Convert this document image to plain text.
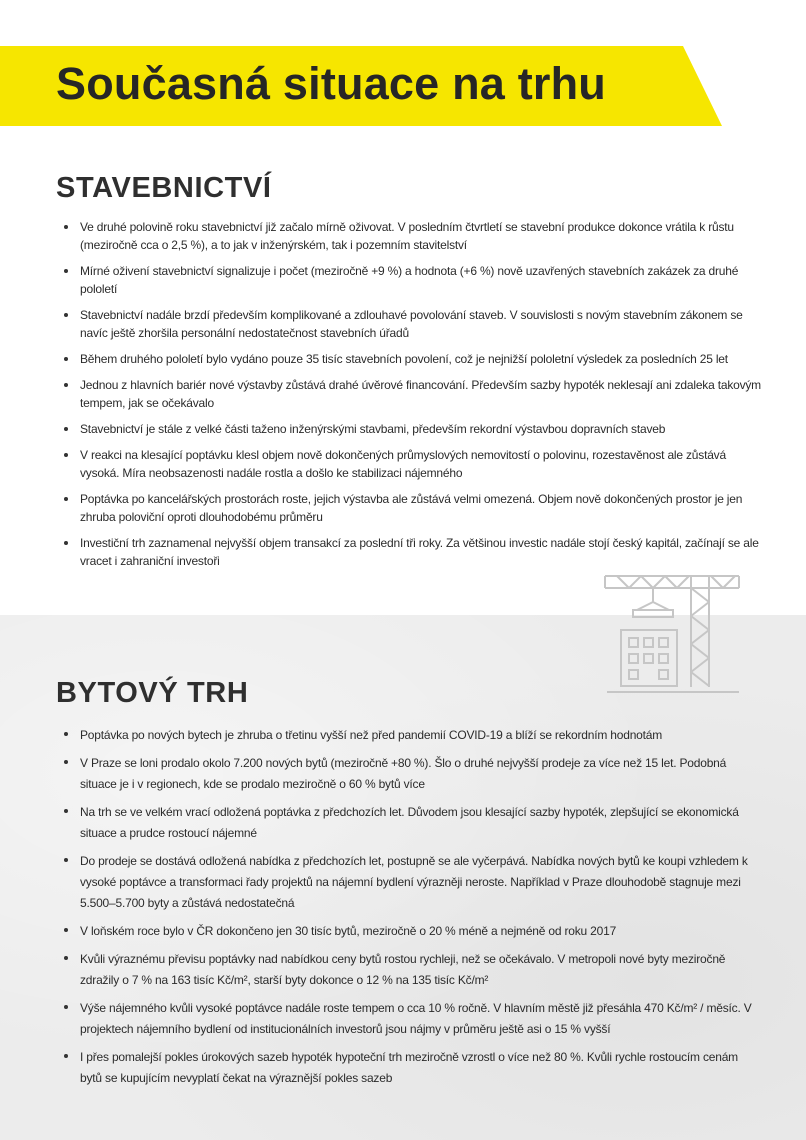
Současná situace na trhu
STAVEBNICTVÍ
Ve druhé polovině roku stavebnictví již začalo mírně oživovat. V posledním čtvrtletí se stavební produkce dokonce vrátila k růstu (meziročně cca o 2,5 %), a to jak v inženýrském, tak i pozemním stavitelství
Mírné oživení stavebnictví signalizuje i počet (meziročně +9 %) a hodnota (+6 %) nově uzavřených stavebních zakázek za druhé pololetí
Stavebnictví nadále brzdí především komplikované a zdlouhavé povolování staveb. V souvislosti s novým stavebním zákonem se navíc ještě zhoršila personální nedostatečnost stavebních úřadů
Během druhého pololetí bylo vydáno pouze 35 tisíc stavebních povolení, což je nejnižší pololetní výsledek za posledních 25 let
Jednou z hlavních bariér nové výstavby zůstává drahé úvěrové financování. Především sazby hypoték neklesají ani zdaleka takovým tempem, jak se očekávalo
Stavebnictví je stále z velké části taženo inženýrskými stavbami, především rekordní výstavbou dopravních staveb
V reakci na klesající poptávku klesl objem nově dokončených průmyslových nemovitostí o polovinu, rozestavěnost ale zůstává vysoká. Míra neobsazenosti nadále rostla a došlo ke stabilizaci nájemného
Poptávka po kancelářských prostorách roste, jejich výstavba ale zůstává velmi omezená. Objem nově dokončených prostor je jen zhruba poloviční oproti dlouhodobému průměru
Investiční trh zaznamenal nejvyšší objem transakcí za poslední tři roky. Za většinou investic nadále stojí český kapitál, začínají se ale vracet i zahraniční investoři
BYTOVÝ TRH
Poptávka po nových bytech je zhruba o třetinu vyšší než před pandemií COVID-19 a blíží se rekordním hodnotám
V Praze se loni prodalo okolo 7.200 nových bytů (meziročně +80 %). Šlo o druhé nejvyšší prodeje za více než 15 let. Podobná situace je i v regionech, kde se prodalo meziročně o 60 % bytů více
Na trh se ve velkém vrací odložená poptávka z předchozích let. Důvodem jsou klesající sazby hypoték, zlepšující se ekonomická situace a prudce rostoucí nájemné
Do prodeje se dostává odložená nabídka z předchozích let, postupně se ale vyčerpává. Nabídka nových bytů ke koupi vzhledem k vysoké poptávce a transformaci řady projektů na nájemní bydlení výrazněji neroste. Například v Praze dlouhodobě stagnuje mezi 5.500–5.700 byty a zůstává nedostatečná
V loňském roce bylo v ČR dokončeno jen 30 tisíc bytů, meziročně o 20 % méně a nejméně od roku 2017
Kvůli výraznému převisu poptávky nad nabídkou ceny bytů rostou rychleji, než se očekávalo. V metropoli nové byty meziročně zdražily o 7 % na 163 tisíc Kč/m², starší byty dokonce o 12 % na 135 tisíc Kč/m²
Výše nájemného kvůli vysoké poptávce nadále roste tempem o cca 10 % ročně. V hlavním městě již přesáhla 470 Kč/m² / měsíc. V projektech nájemního bydlení od institucionálních investorů jsou nájmy v průměru ještě asi o 15 % vyšší
I přes pomalejší pokles úrokových sazeb hypoték hypoteční trh meziročně vzrostl o více než 80 %. Kvůli rychle rostoucím cenám bytů se kupujícím nevyplatí čekat na výraznější pokles sazeb
